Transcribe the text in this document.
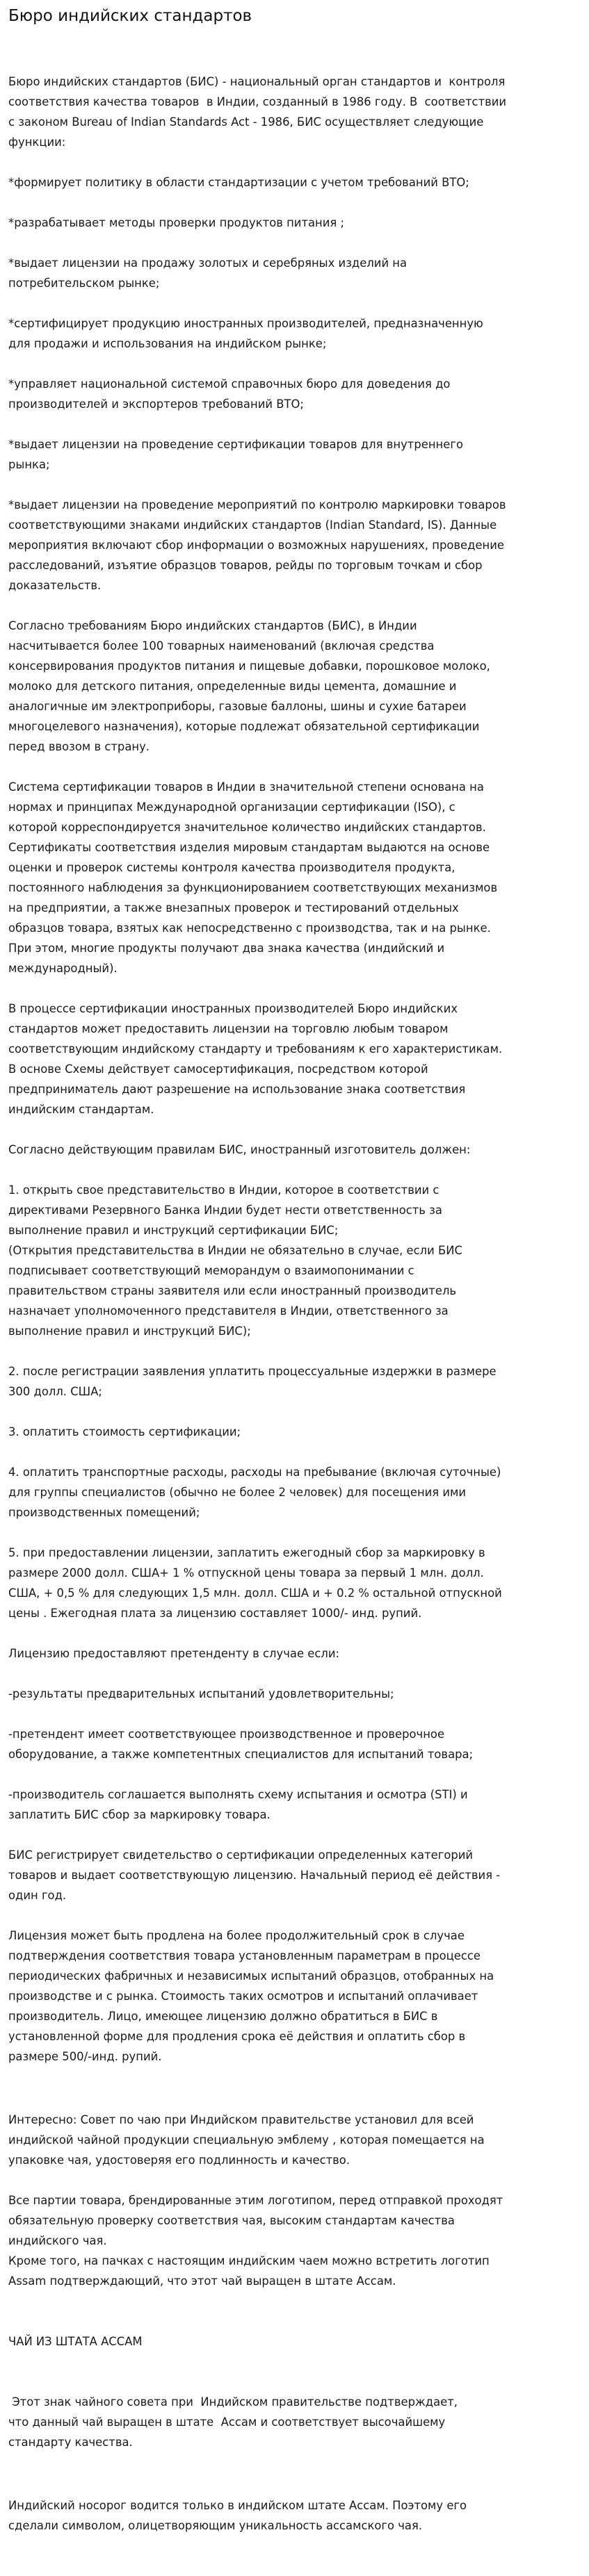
Бюро индийских стандартов

Бюро индийских стандартов (БИС) - национальный орган стандартов и  контроля
соответствия качества товаров  в Индии, созданный в 1986 году. В  соответствии
с законом Bureau of Indian Standards Act - 1986, БИС осуществляет следующие
функции:

*формирует политику в области стандартизации с учетом требований ВТО;

*разрабатывает методы проверки продуктов питания ;

*выдает лицензии на продажу золотых и серебряных изделий на
потребительском рынке;

*сертифицирует продукцию иностранных производителей, предназначенную
для продажи и использования на индийском рынке;

*управляет национальной системой справочных бюро для доведения до
производителей и экспортеров требований ВТО;

*выдает лицензии на проведение сертификации товаров для внутреннего
рынка;

*выдает лицензии на проведение мероприятий по контролю маркировки товаров
соответствующими знаками индийских стандартов (Indian Standard, IS). Данные
мероприятия включают сбор информации о возможных нарушениях, проведение
расследований, изъятие образцов товаров, рейды по торговым точкам и сбор
доказательств.

Согласно требованиям Бюро индийских стандартов (БИС), в Индии
насчитывается более 100 товарных наименований (включая средства
консервирования продуктов питания и пищевые добавки, порошковое молоко,
молоко для детского питания, определенные виды цемента, домашние и
аналогичные им электроприборы, газовые баллоны, шины и сухие батареи
многоцелевого назначения), которые подлежат обязательной сертификации
перед ввозом в страну.

Система сертификации товаров в Индии в значительной степени основана на
нормах и принципах Международной организации сертификации (ISO), с
которой корреспондируется значительное количество индийских стандартов.
Сертификаты соответствия изделия мировым стандартам выдаются на основе
оценки и проверок системы контроля качества производителя продукта,
постоянного наблюдения за функционированием соответствующих механизмов
на предприятии, а также внезапных проверок и тестирований отдельных
образцов товара, взятых как непосредственно с производства, так и на рынке.
При этом, многие продукты получают два знака качества (индийский и
международный).

В процессе сертификации иностранных производителей Бюро индийских
стандартов может предоставить лицензии на торговлю любым товаром
соответствующим индийскому стандарту и требованиям к его характеристикам.
В основе Схемы действует самосертификация, посредством которой
предприниматель дают разрешение на использование знака соответствия
индийским стандартам.

Согласно действующим правилам БИС, иностранный изготовитель должен:

1. открыть свое представительство в Индии, которое в соответствии с
директивами Резервного Банка Индии будет нести ответственность за
выполнение правил и инструкций сертификации БИС;
(Открытия представительства в Индии не обязательно в случае, если БИС
подписывает соответствующий меморандум о взаимопонимании с
правительством страны заявителя или если иностранный производитель
назначает уполномоченного представителя в Индии, ответственного за
выполнение правил и инструкций БИС);

2. после регистрации заявления уплатить процессуальные издержки в размере
300 долл. США;

3. оплатить стоимость сертификации;

4. оплатить транспортные расходы, расходы на пребывание (включая суточные)
для группы специалистов (обычно не более 2 человек) для посещения ими
производственных помещений;

5. при предоставлении лицензии, заплатить ежегодный сбор за маркировку в
размере 2000 долл. США+ 1 % отпускной цены товара за первый 1 млн. долл.
США, + 0,5 % для следующих 1,5 млн. долл. США и + 0.2 % остальной отпускной
цены . Ежегодная плата за лицензию составляет 1000/- инд. рупий.

Лицензию предоставляют претенденту в случае если:

-результаты предварительных испытаний удовлетворительны;

-претендент имеет соответствующее производственное и проверочное
оборудование, а также компетентных специалистов для испытаний товара;

-производитель соглашается выполнять схему испытания и осмотра (STI) и
заплатить БИС сбор за маркировку товара.

БИС регистрирует свидетельство о сертификации определенных категорий
товаров и выдает соответствующую лицензию. Начальный период её действия -
один год.

Лицензия может быть продлена на более продолжительный срок в случае
подтверждения соответствия товара установленным параметрам в процессе
периодических фабричных и независимых испытаний образцов, отобранных на
производстве и с рынка. Стоимость таких осмотров и испытаний оплачивает
производитель. Лицо, имеющее лицензию должно обратиться в БИС в
установленной форме для продления срока её действия и оплатить сбор в
размере 500/-инд. рупий.

Интересно: Совет по чаю при Индийском правительстве установил для всей
индийской чайной продукции специальную эмблему , которая помещается на
упаковке чая, удостоверяя его подлинность и качество.

Все партии товара, брендированные этим логотипом, перед отправкой проходят
обязательную проверку соответствия чая, высоким стандартам качества
индийского чая.
Кроме того, на пачках с настоящим индийским чаем можно встретить логотип
Assam подтверждающий, что этот чай выращен в штате Ассам.

ЧАЙ ИЗ ШТАТА АССАМ

Этот знак чайного совета при  Индийском правительстве подтверждает,
что данный чай выращен в штате  Ассам и соответствует высочайшему
стандарту качества.

Индийский носорог водится только в индийском штате Ассам. Поэтому его
сделали символом, олицетворяющим уникальность ассамского чая.
